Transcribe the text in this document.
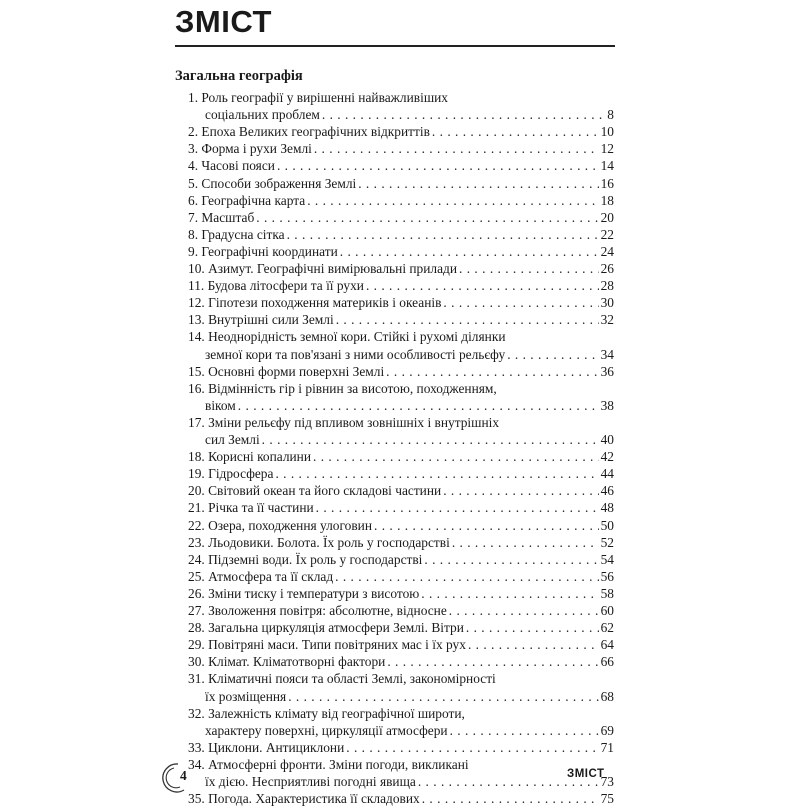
ЗМІСТ
Загальна географія
1. Роль географії у вирішенні найважливіших
соціальних проблем . . .	8
2. Епоха Великих географічних відкриттів . . .	10
3. Форма і рухи Землі . . .	12
4. Часові пояси . . .	14
5. Способи зображення Землі . . .	16
6. Географічна карта . . .	18
7. Масштаб . . .	20
8. Градусна сітка . . .	22
9. Географічні координати . . .	24
10. Азимут. Географічні вимірювальні прилади . . .	26
11. Будова літосфери та її рухи . . .	28
12. Гіпотези походження материків і океанів . . .	30
13. Внутрішні сили Землі . . .	32
14. Неоднорідність земної кори. Стійкі і рухомі ділянки
земної кори та пов'язані з ними особливості рельєфу . . .	34
15. Основні форми поверхні Землі . . .	36
16. Відмінність гір і рівнин за висотою, походженням,
віком . . .	38
17. Зміни рельєфу під впливом зовнішніх і внутрішніх
сил Землі . . .	40
18. Корисні копалини . . .	42
19. Гідросфера . . .	44
20. Світовий океан та його складові частини . . .	46
21. Річка та її частини . . .	48
22. Озера, походження улоговин . . .	50
23. Льодовики. Болота. Їх роль у господарстві . . .	52
24. Підземні води. Їх роль у господарстві . . .	54
25. Атмосфера та її склад . . .	56
26. Зміни тиску і температури з висотою . . .	58
27. Зволоження повітря: абсолютне, відносне . . .	60
28. Загальна циркуляція атмосфери Землі. Вітри . . .	62
29. Повітряні маси. Типи повітряних мас і їх рух . . .	64
30. Клімат. Кліматотворні фактори . . .	66
31. Кліматичні пояси та області Землі, закономірності
їх розміщення . . .	68
32. Залежність клімату від географічної широти,
характеру поверхні, циркуляції атмосфери . . .	69
33. Циклони. Антициклони . . .	71
34. Атмосферні фронти. Зміни погоди, викликані
їх дією. Несприятливі погодні явища . . .	73
35. Погода. Характеристика її складових . . .	75
4	ЗМІСТ
